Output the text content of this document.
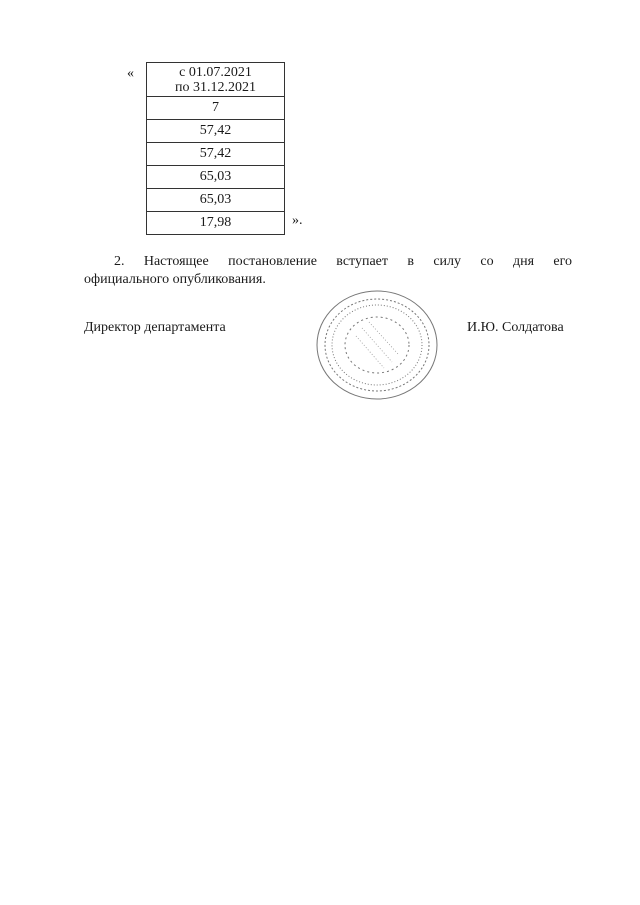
«	с 01.07.2021
по 31.12.2021

7
57,42
57,42
65,03
65,03
17,98	».
2. Настоящее постановление вступает в силу со дня его
официального опубликования.
Директор департамента	И.Ю. Солдатова
